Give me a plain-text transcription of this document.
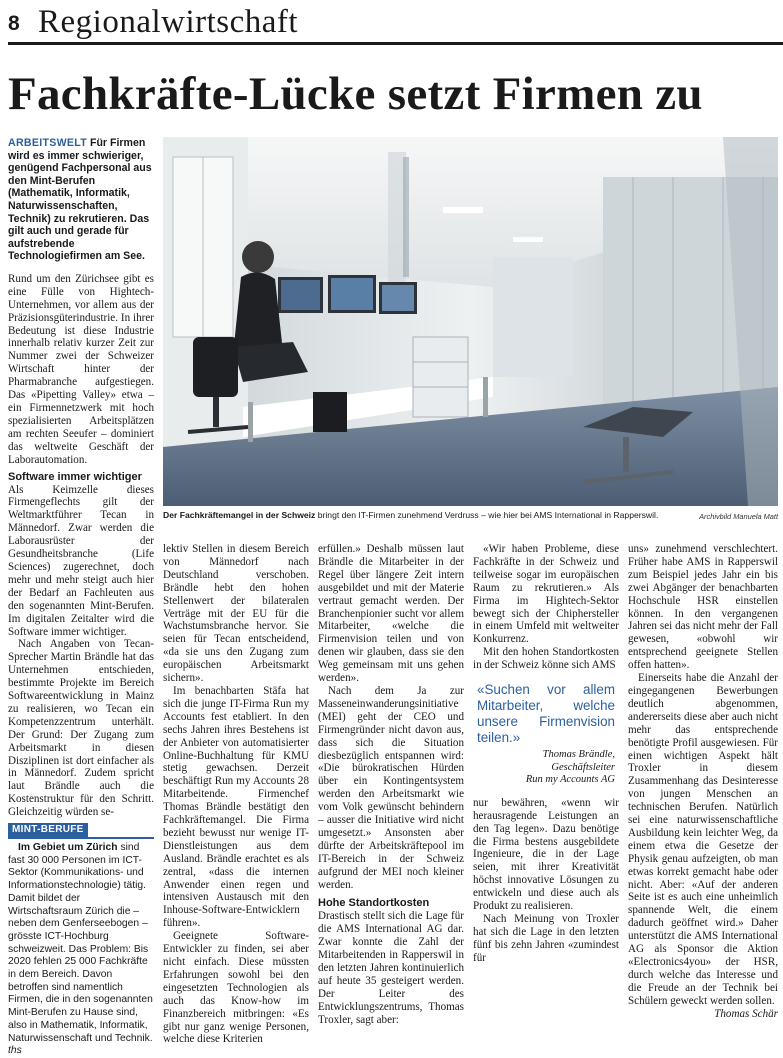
8 Regionalwirtschaft
Fachkräfte-Lücke setzt Firmen zu

ARBEITSWELT Für Firmen wird es immer schwieriger, genügend Fachpersonal aus den Mint-Berufen (Mathematik, Informatik, Naturwissenschaften, Technik) zu rekrutieren. Das gilt auch und gerade für aufstrebende Technologiefirmen am See.

Rund um den Zürichsee gibt es eine Fülle von Hightech-Unternehmen, vor allem aus der Präzisionsgüterindustrie. In ihrer Bedeutung ist diese Industrie innerhalb relativ kurzer Zeit zur Nummer zwei der Schweizer Wirtschaft hinter der Pharmabranche aufgestiegen. Das «Pipetting Valley» etwa – ein Firmennetzwerk mit hoch spezialisierten Arbeitsplätzen am rechten Seeufer – dominiert das weltweite Geschäft der Laborautomation.

Software immer wichtiger

Als Keimzelle dieses Firmengeflechts gilt der Weltmarktführer Tecan in Männedorf. Zwar werden die Laborausrüster der Gesundheitsbranche (Life Sciences) zugerechnet, doch mehr und mehr steigt auch hier der Bedarf an Fachleuten aus den sogenannten Mint-Berufen. Im digitalen Zeitalter wird die Software immer wichtiger.

Nach Angaben von Tecan-Sprecher Martin Brändle hat das Unternehmen entschieden, bestimmte Projekte im Bereich Softwareentwicklung in Mainz zu realisieren, wo Tecan ein Kompetenzzentrum unterhält. Der Grund: Der Zugang zum Arbeitsmarkt in diesen Disziplinen ist dort einfacher als in Männedorf. Zudem spricht laut Brändle auch die Kostenstruktur für den Schritt. Gleichzeitig würden se-

MINT-BERUFE

Im Gebiet um Zürich sind fast 30 000 Personen im ICT-Sektor (Kommunikations- und Informationstechnologie) tätig. Damit bildet der Wirtschaftsraum Zürich die – neben dem Genferseebogen – grösste ICT-Hochburg schweizweit. Das Problem: Bis 2020 fehlen 25 000 Fachkräfte in dem Bereich. Davon betroffen sind namentlich Firmen, die in den sogenannten Mint-Berufen zu Hause sind, also in Mathematik, Informatik, Naturwissenschaft und Technik. ths

Der Fachkräftemangel in der Schweiz bringt den IT-Firmen zunehmend Verdruss – wie hier bei AMS International in Rapperswil.	Archivbild Manuela Matt

lektiv Stellen in diesem Bereich von Männedorf nach Deutschland verschoben. Brändle hebt den hohen Stellenwert der bilateralen Verträge mit der EU für die Wachstumsbranche hervor. Sie seien für Tecan entscheidend, «da sie uns den Zugang zum europäischen Arbeitsmarkt sichern».

Im benachbarten Stäfa hat sich die junge IT-Firma Run my Accounts fest etabliert. In den sechs Jahren ihres Bestehens ist der Anbieter von automatisierter Online-Buchhaltung für KMU stetig gewachsen. Derzeit beschäftigt Run my Accounts 28 Mitarbeitende. Firmenchef Thomas Brändle bestätigt den Fachkräftemangel. Die Firma bezieht bewusst nur wenige IT-Dienstleistungen aus dem Ausland. Brändle erachtet es als zentral, «dass die internen Anwender einen regen und intensiven Austausch mit den Inhouse-Software-Entwicklern führen».

Geeignete Software-Entwickler zu finden, sei aber nicht einfach. Diese müssten Erfahrungen sowohl bei den eingesetzten Technologien als auch das Know-how im Finanzbereich mitbringen: «Es gibt nur ganz wenige Personen, welche diese Kriterien

erfüllen.» Deshalb müssen laut Brändle die Mitarbeiter in der Regel über längere Zeit intern ausgebildet und mit der Materie vertraut gemacht werden. Der Branchenpionier sucht vor allem Mitarbeiter, «welche die Firmenvision teilen und von denen wir glauben, dass sie den Weg gemeinsam mit uns gehen werden».

Nach dem Ja zur Masseneinwanderungsinitiative (MEI) geht der CEO und Firmengründer nicht davon aus, dass sich die Situation diesbezüglich entspannen wird: «Die bürokratischen Hürden über ein Kontingentsystem werden den Arbeitsmarkt wie vom Volk gewünscht behindern – ausser die Initiative wird nicht umgesetzt.» Ansonsten aber dürfte der Arbeitskräftepool im IT-Bereich in der Schweiz aufgrund der MEI noch kleiner werden.

Hohe Standortkosten

Drastisch stellt sich die Lage für die AMS International AG dar. Zwar konnte die Zahl der Mitarbeitenden in Rapperswil in den letzten Jahren kontinuierlich auf heute 35 gesteigert werden. Der Leiter des Entwicklungszentrums, Thomas Troxler, sagt aber:

«Wir haben Probleme, diese Fachkräfte in der Schweiz und teilweise sogar im europäischen Raum zu rekrutieren.» Als Firma im Hightech-Sektor bewegt sich der Chiphersteller in einem Umfeld mit weltweiter Konkurrenz.

Mit den hohen Standortkosten in der Schweiz könne sich AMS

«Suchen vor allem Mitarbeiter, welche unsere Firmenvision teilen.»

Thomas Brändle, Geschäftsleiter
Run my Accounts AG

nur bewähren, «wenn wir herausragende Leistungen an den Tag legen». Dazu benötige die Firma bestens ausgebildete Ingenieure, die in der Lage seien, mit ihrer Kreativität höchst innovative Lösungen zu entwickeln und diese auch als Produkt zu realisieren.

Nach Meinung von Troxler hat sich die Lage in den letzten fünf bis zehn Jahren «zumindest für

uns» zunehmend verschlechtert. Früher habe AMS in Rapperswil zum Beispiel jedes Jahr ein bis zwei Abgänger der benachbarten Hochschule HSR einstellen können. In den vergangenen Jahren sei das nicht mehr der Fall gewesen, «obwohl wir entsprechend geeignete Stellen offen hatten».

Einerseits habe die Anzahl der eingegangenen Bewerbungen deutlich abgenommen, andererseits diese aber auch nicht mehr das entsprechende benötigte Profil ausgewiesen. Für einen wichtigen Aspekt hält Troxler in diesem Zusammenhang das Desinteresse von jungen Menschen an technischen Berufen. Natürlich sei eine naturwissenschaftliche Ausbildung kein leichter Weg, da einem etwa die Gesetze der Physik genau aufzeigten, ob man etwas korrekt gemacht habe oder nicht. Aber: «Auf der anderen Seite ist es auch eine unheimlich spannende Welt, die einem dadurch geöffnet wird.» Daher unterstützt die AMS International AG als Sponsor die Aktion «Electronics4you» der HSR, durch welche das Interesse und die Freude an der Technik bei Schülern geweckt werden sollen.

Thomas Schär
